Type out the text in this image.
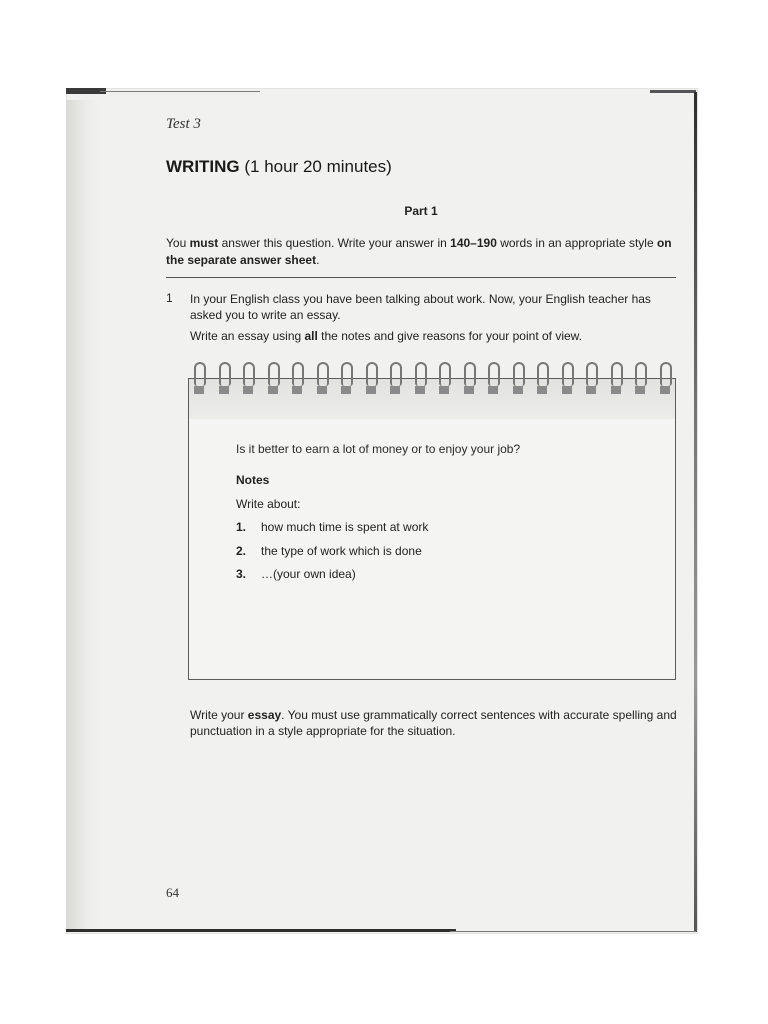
Test 3
WRITING (1 hour 20 minutes)
Part 1
You must answer this question. Write your answer in 140–190 words in an appropriate style on the separate answer sheet.
1 In your English class you have been talking about work. Now, your English teacher has asked you to write an essay.
Write an essay using all the notes and give reasons for your point of view.
Is it better to earn a lot of money or to enjoy your job?
Notes
Write about:
1. how much time is spent at work
2. the type of work which is done
3. …(your own idea)
Write your essay. You must use grammatically correct sentences with accurate spelling and punctuation in a style appropriate for the situation.
64
